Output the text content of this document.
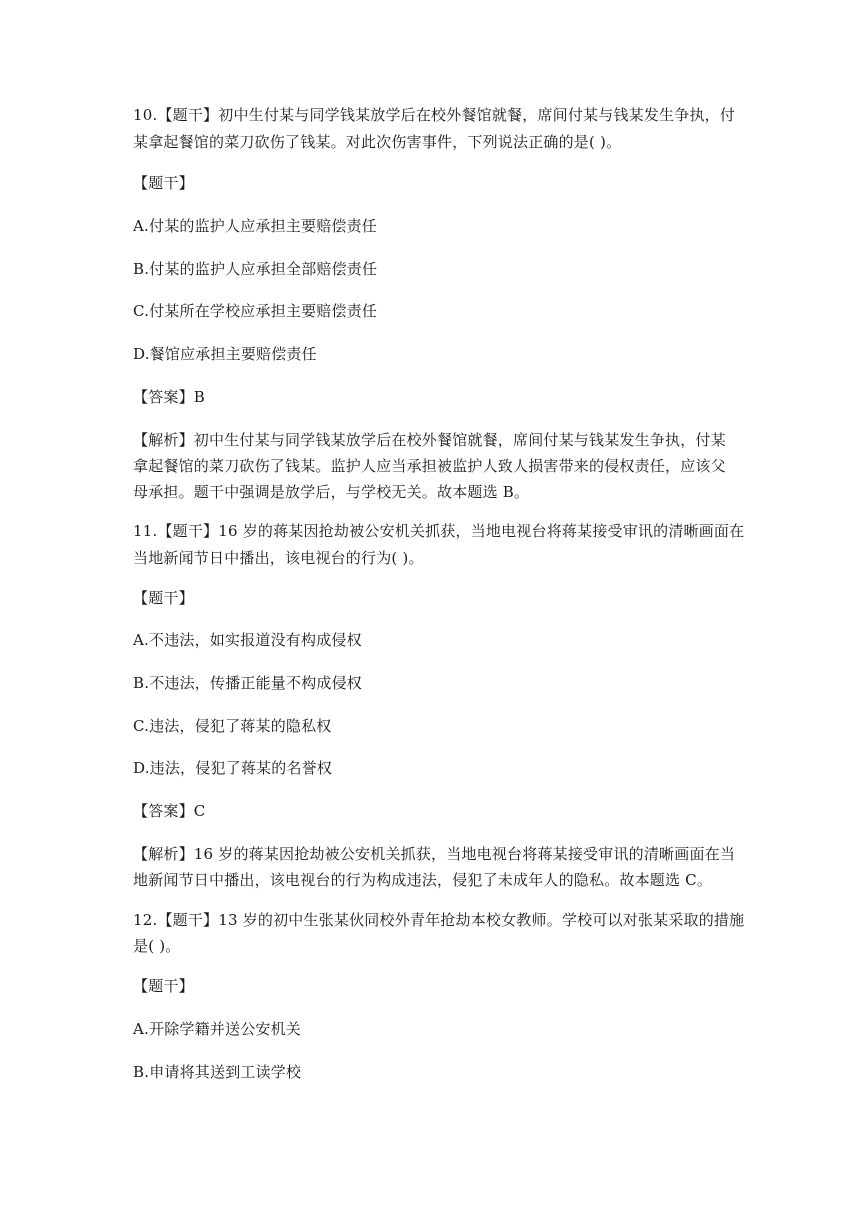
10.【题干】初中生付某与同学钱某放学后在校外餐馆就餐，席间付某与钱某发生争执，付
某拿起餐馆的菜刀砍伤了钱某。对此次伤害事件，下列说法正确的是( )。
【题干】
A.付某的监护人应承担主要赔偿责任
B.付某的监护人应承担全部赔偿责任
C.付某所在学校应承担主要赔偿责任
D.餐馆应承担主要赔偿责任
【答案】B
【解析】初中生付某与同学钱某放学后在校外餐馆就餐，席间付某与钱某发生争执，付某
拿起餐馆的菜刀砍伤了钱某。监护人应当承担被监护人致人损害带来的侵权责任，应该父
母承担。题干中强调是放学后，与学校无关。故本题选 B。
11.【题干】16 岁的蒋某因抢劫被公安机关抓获，当地电视台将蒋某接受审讯的清晰画面在
当地新闻节日中播出，该电视台的行为( )。
【题干】
A.不违法，如实报道没有构成侵权
B.不违法，传播正能量不构成侵权
C.违法，侵犯了蒋某的隐私权
D.违法，侵犯了蒋某的名誉权
【答案】C
【解析】16 岁的蒋某因抢劫被公安机关抓获，当地电视台将蒋某接受审讯的清晰画面在当
地新闻节日中播出，该电视台的行为构成违法，侵犯了未成年人的隐私。故本题选 C。
12.【题干】13 岁的初中生张某伙同校外青年抢劫本校女教师。学校可以对张某采取的措施
是( )。
【题干】
A.开除学籍并送公安机关
B.申请将其送到工读学校
